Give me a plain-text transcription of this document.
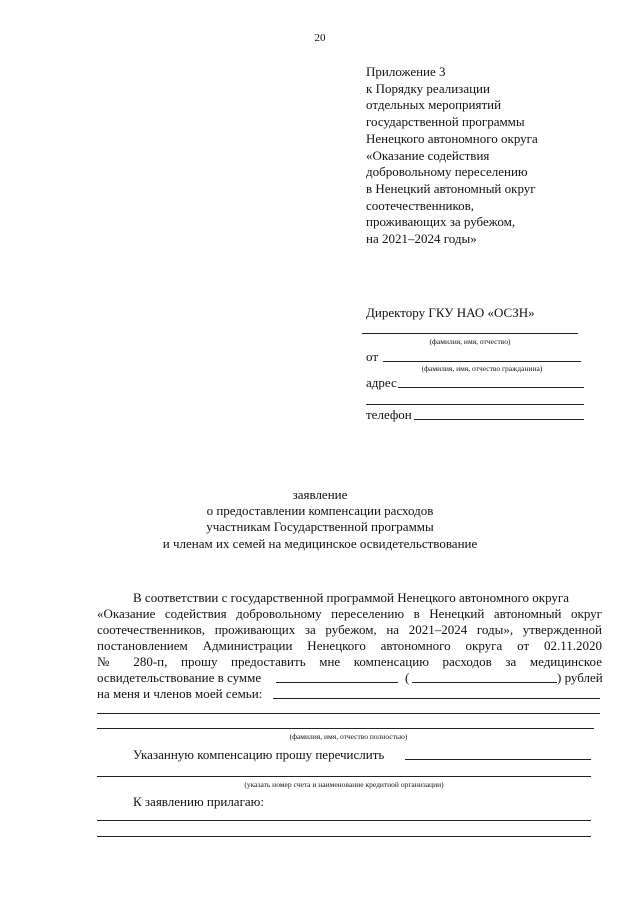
20
Приложение 3
к Порядку реализации
отдельных мероприятий
государственной программы
Ненецкого автономного округа
«Оказание содействия
добровольному переселению
в Ненецкий автономный округ
соотечественников,
проживающих за рубежом,
на 2021–2024 годы»
Директору ГКУ НАО «ОСЗН»
(фамилия, имя, отчество)
от
(фамилия, имя, отчество гражданина)
адрес
телефон
заявление
о предоставлении компенсации расходов
участникам Государственной программы
и членам их семей на медицинское освидетельствование
В соответствии с государственной программой Ненецкого автономного округа
«Оказание содействия добровольному переселению в Ненецкий автономный округ
соотечественников, проживающих за рубежом, на 2021–2024 годы», утвержденной
постановлением Администрации Ненецкого автономного округа от 02.11.2020
№ 280-п, прошу предоставить мне компенсацию расходов за медицинское
освидетельствование в сумме	(	) рублей
на меня и членов моей семьи:
(фамилия, имя, отчество полностью)
Указанную компенсацию прошу перечислить
(указать номер счета и наименование кредитной организации)
К заявлению прилагаю:
